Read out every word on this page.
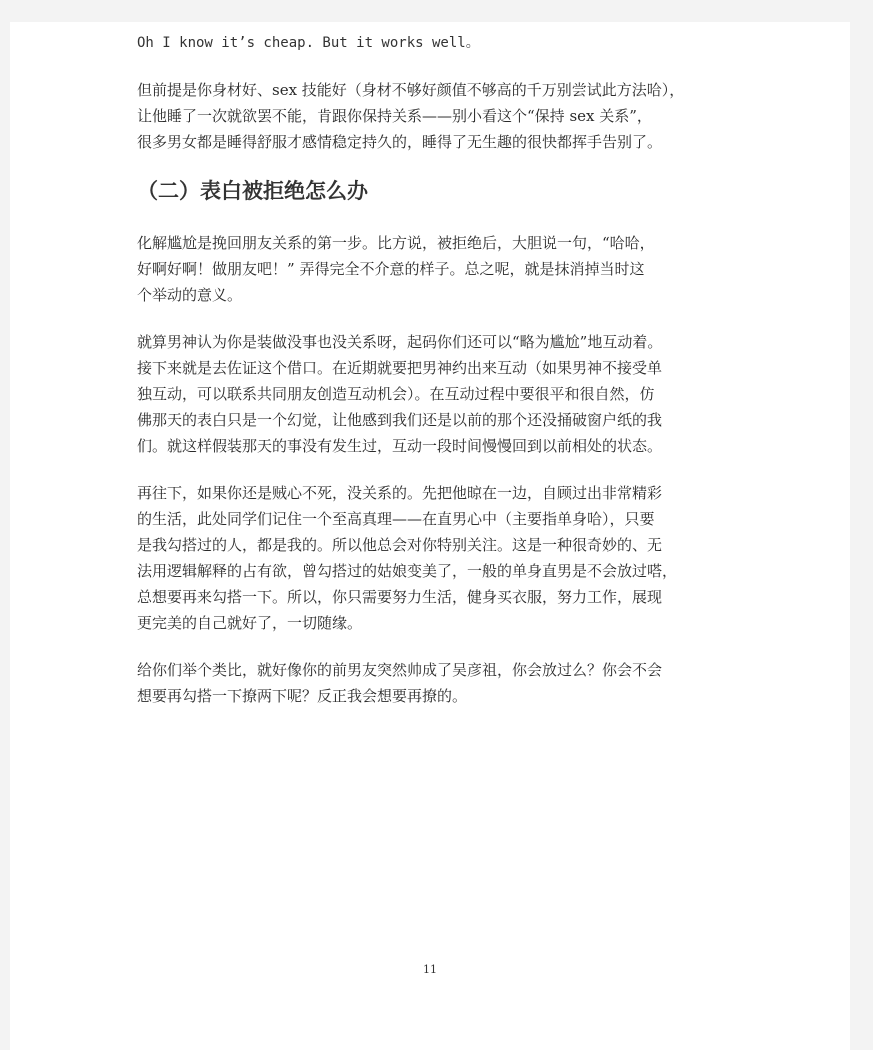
Oh I know it’s cheap. But it works well。

但前提是你身材好、sex 技能好（身材不够好颜值不够高的千万别尝试此方法哈），
让他睡了一次就欲罢不能，肯跟你保持关系——别小看这个“保持 sex 关系”，
很多男女都是睡得舒服才感情稳定持久的，睡得了无生趣的很快都挥手告别了。

（二）表白被拒绝怎么办

化解尴尬是挽回朋友关系的第一步。比方说，被拒绝后，大胆说一句，“哈哈，
好啊好啊！做朋友吧！” 弄得完全不介意的样子。总之呢，就是抹消掉当时这
个举动的意义。

就算男神认为你是装做没事也没关系呀，起码你们还可以“略为尴尬”地互动着。
接下来就是去佐证这个借口。在近期就要把男神约出来互动（如果男神不接受单
独互动，可以联系共同朋友创造互动机会）。在互动过程中要很平和很自然，仿
佛那天的表白只是一个幻觉，让他感到我们还是以前的那个还没捅破窗户纸的我
们。就这样假装那天的事没有发生过，互动一段时间慢慢回到以前相处的状态。

再往下，如果你还是贼心不死，没关系的。先把他晾在一边，自顾过出非常精彩
的生活，此处同学们记住一个至高真理——在直男心中（主要指单身哈），只要
是我勾搭过的人，都是我的。所以他总会对你特别关注。这是一种很奇妙的、无
法用逻辑解释的占有欲，曾勾搭过的姑娘变美了，一般的单身直男是不会放过嗒，
总想要再来勾搭一下。所以，你只需要努力生活，健身买衣服，努力工作，展现
更完美的自己就好了，一切随缘。

给你们举个类比，就好像你的前男友突然帅成了吴彦祖，你会放过么？你会不会
想要再勾搭一下撩两下呢？反正我会想要再撩的。

11
